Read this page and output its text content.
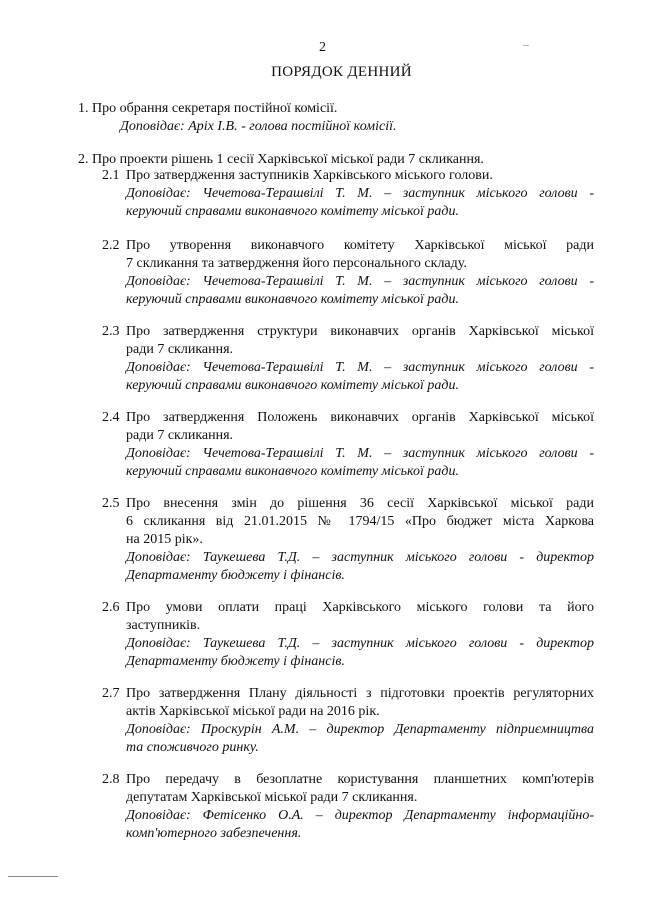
2
ПОРЯДОК ДЕННИЙ
1. Про обрання секретаря постійної комісії.
Доповідає: Аріх І.В. - голова постійної комісії.
2. Про проекти рішень 1 сесії Харківської міської ради 7 скликання.
2.1 Про затвердження заступників Харківського міського голови.
Доповідає: Чечетова-Терашвілі Т. М. – заступник міського голови -
керуючий справами виконавчого комітету міської ради.
2.2 Про утворення виконавчого комітету Харківської міської ради
7 скликання та затвердження його персонального складу.
Доповідає: Чечетова-Терашвілі Т. М. – заступник міського голови -
керуючий справами виконавчого комітету міської ради.
2.3 Про затвердження структури виконавчих органів Харківської міської
ради 7 скликання.
Доповідає: Чечетова-Терашвілі Т. М. – заступник міського голови -
керуючий справами виконавчого комітету міської ради.
2.4 Про затвердження Положень виконавчих органів Харківської міської
ради 7 скликання.
Доповідає: Чечетова-Терашвілі Т. М. – заступник міського голови -
керуючий справами виконавчого комітету міської ради.
2.5 Про внесення змін до рішення 36 сесії Харківської міської ради
6 скликання від 21.01.2015 № 1794/15 «Про бюджет міста Харкова
на 2015 рік».
Доповідає: Таукешева Т.Д. – заступник міського голови - директор
Департаменту бюджету і фінансів.
2.6 Про умови оплати праці Харківського міського голови та його
заступників.
Доповідає: Таукешева Т.Д. – заступник міського голови - директор
Департаменту бюджету і фінансів.
2.7 Про затвердження Плану діяльності з підготовки проектів регуляторних
актів Харківської міської ради на 2016 рік.
Доповідає: Проскурін А.М. – директор Департаменту підприємництва
та споживчого ринку.
2.8 Про передачу в безоплатне користування планшетних комп'ютерів
депутатам Харківської міської ради 7 скликання.
Доповідає: Фетісенко О.А. – директор Департаменту інформаційно-
комп'ютерного забезпечення.
